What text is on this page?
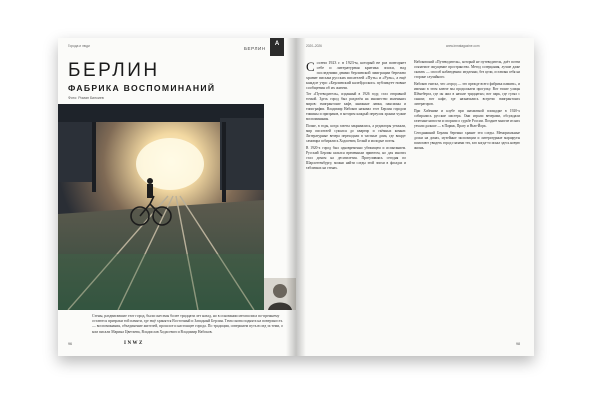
Города и люди	БЕРЛИН
A
БЕРЛИН
ФАБРИКА ВОСПОМИНАНИЙ
Фото: Роман Бинкиев

Стены, раздвигавшие этот город, были снесены более тридцати лет назад, но в основании мегаполиса по-прежнему остаются призраки той памяти, где ещё хранятся Восточный и Западный Берлин. Тема снова поднята на поверхность — воспоминания, объединение жителей, прошлое и настоящее города. По традиции, совершаем путь вслед за теми, о ком писали Марина Цветаева, Владислав Ходасевич и Владимир Набоков.

96	INWZ
2020–2026	www.inmatagazine.com

С осени 1923 г. в 1923-м, который не раз повторяет себе и литературная критика эпохи, над последними днями берлинской эмиграции бережно хранит письма русских писателей «Путь» и «Руль», а ещё каждое утро «Берлинский калейдоскоп» публикует новые сообщения об их жизни.

Тот «Путеводитель», изданный в 1926 году, стал отправной точкой. Здесь город был разделён на множество маленьких миров: эмигрантские кафе, книжные лавки, пансионы и типографии. Владимир Набоков называл этот Берлин городом тишины и призраков, в котором каждый переулок хранил чужие воспоминания.

Позже, в годы, когда газеты закрывались, а редакторы уезжали, мир писателей сужался до квартир и съёмных комнат. Литературные вечера переходили в частные дома, где вокруг самовара собирались Ходасевич, Белый и молодые поэты.

В 1920-х город был одновременно убежищем и испытанием. Русский Берлин казался временным приютом, но для многих стал домом на десятилетия. Прогуливаясь сегодня по Шарлоттенбургу, можно найти следы этой эпохи в фасадах и табличках на стенах.

Набоковский «Путеводитель», который не путеводитель, даёт почти осязаемое ощущение пространства. Метод созерцания, лучше даже сказать — способ наблюдения: медленно, без цели, оставляя себя на стороне случайного.

Набоков считал, что «город — это прежде всего фабрика памяти», и именно в этом ключе мы продолжаем прогулку. Вот тихие улицы Шёнеберга, где он жил в начале тридцатых; вот парк, где гулял с сыном; вот кафе, где назначались встречи эмигрантских литераторов.

При Хабенике и клубе при шахматной площадке в 1920-х собирались русские мастера. Они играли вечерами, обсуждали газетные новости и спорили о судьбе России. Позднее многие из них уехали дальше — в Париж, Прагу и Нью-Йорк.

Сегодняшний Берлин бережно хранит эти следы. Мемориальные доски на домах, музейные экспозиции и литературные маршруты помогают увидеть город глазами тех, кто когда-то искал здесь новую жизнь.

98
